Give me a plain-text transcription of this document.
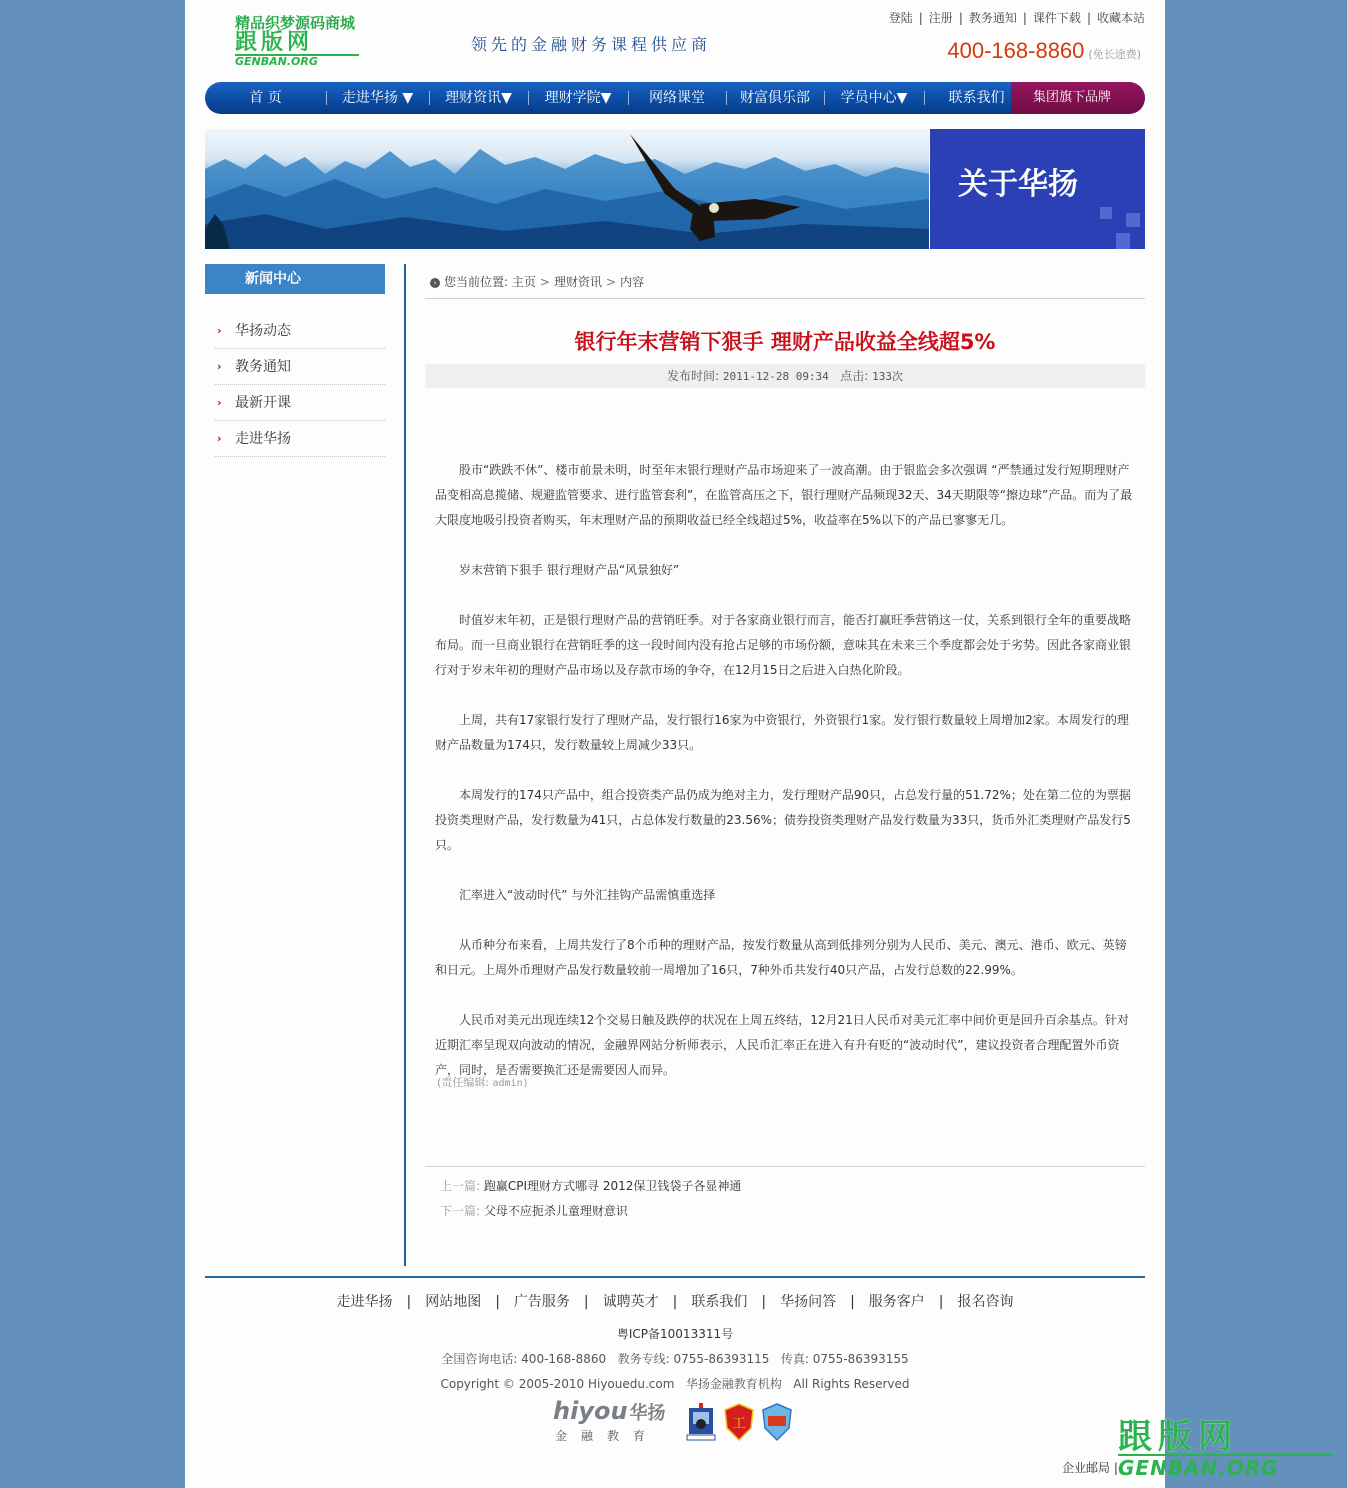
精品织梦源码商城
跟版网
GENBAN.ORG
领先的金融财务课程供应商
登陆 | 注册 | 教务通知 | 课件下载 | 收藏本站
400-168-8860 (免长途费)
首 页	走进华扬 ▼	理财资讯▼	理财学院▼	网络课堂	财富俱乐部	学员中心▼	联系我们	集团旗下品牌
关于华扬
新闻中心
› 华扬动态
› 教务通知
› 最新开课
› 走进华扬
› 您当前位置: 主页 > 理财资讯 > 内容
银行年末营销下狠手 理财产品收益全线超5%
发布时间: 2011-12-28 09:34 点击: 133次

股市“跌跌不休”、楼市前景未明，时至年末银行理财产品市场迎来了一波高潮。由于银监会多次强调 “严禁通过发行短期理财产品变相高息揽储、规避监管要求、进行监管套利”，在监管高压之下，银行理财产品频现32天、34天期限等“擦边球”产品。而为了最大限度地吸引投资者购买，年末理财产品的预期收益已经全线超过5%，收益率在5%以下的产品已寥寥无几。

岁末营销下狠手 银行理财产品“风景独好”

时值岁末年初，正是银行理财产品的营销旺季。对于各家商业银行而言，能否打赢旺季营销这一仗，关系到银行全年的重要战略布局。而一旦商业银行在营销旺季的这一段时间内没有抢占足够的市场份额，意味其在未来三个季度都会处于劣势。因此各家商业银行对于岁末年初的理财产品市场以及存款市场的争夺，在12月15日之后进入白热化阶段。

上周，共有17家银行发行了理财产品，发行银行16家为中资银行，外资银行1家。发行银行数量较上周增加2家。本周发行的理财产品数量为174只，发行数量较上周减少33只。

本周发行的174只产品中，组合投资类产品仍成为绝对主力，发行理财产品90只，占总发行量的51.72%；处在第二位的为票据投资类理财产品，发行数量为41只，占总体发行数量的23.56%；债券投资类理财产品发行数量为33只，货币外汇类理财产品发行5只。

汇率进入“波动时代” 与外汇挂钩产品需慎重选择

从币种分布来看，上周共发行了8个币种的理财产品，按发行数量从高到低排列分别为人民币、美元、澳元、港币、欧元、英镑和日元。上周外币理财产品发行数量较前一周增加了16只，7种外币共发行40只产品，占发行总数的22.99%。

人民币对美元出现连续12个交易日触及跌停的状况在上周五终结，12月21日人民币对美元汇率中间价更是回升百余基点。针对近期汇率呈现双向波动的情况，金融界网站分析师表示，人民币汇率正在进入有升有贬的“波动时代”，建议投资者合理配置外币资产，同时，是否需要换汇还是需要因人而异。

(责任编辑: admin)
上一篇: 跑赢CPI理财方式哪寻 2012保卫钱袋子各显神通
下一篇: 父母不应扼杀儿童理财意识
走进华扬 | 网站地图 | 广告服务 | 诚聘英才 | 联系我们 | 华扬问答 | 服务客户 | 报名咨询
粤ICP备10013311号
全国咨询电话: 400-168-8860   教务专线: 0755-86393115   传真: 0755-86393155
Copyright © 2005-2010 Hiyouedu.com   华扬金融教育机构   All Rights Reserved
hiyou 华扬
金融教育
工
企业邮局 |
跟版网
GENBAN.ORG
